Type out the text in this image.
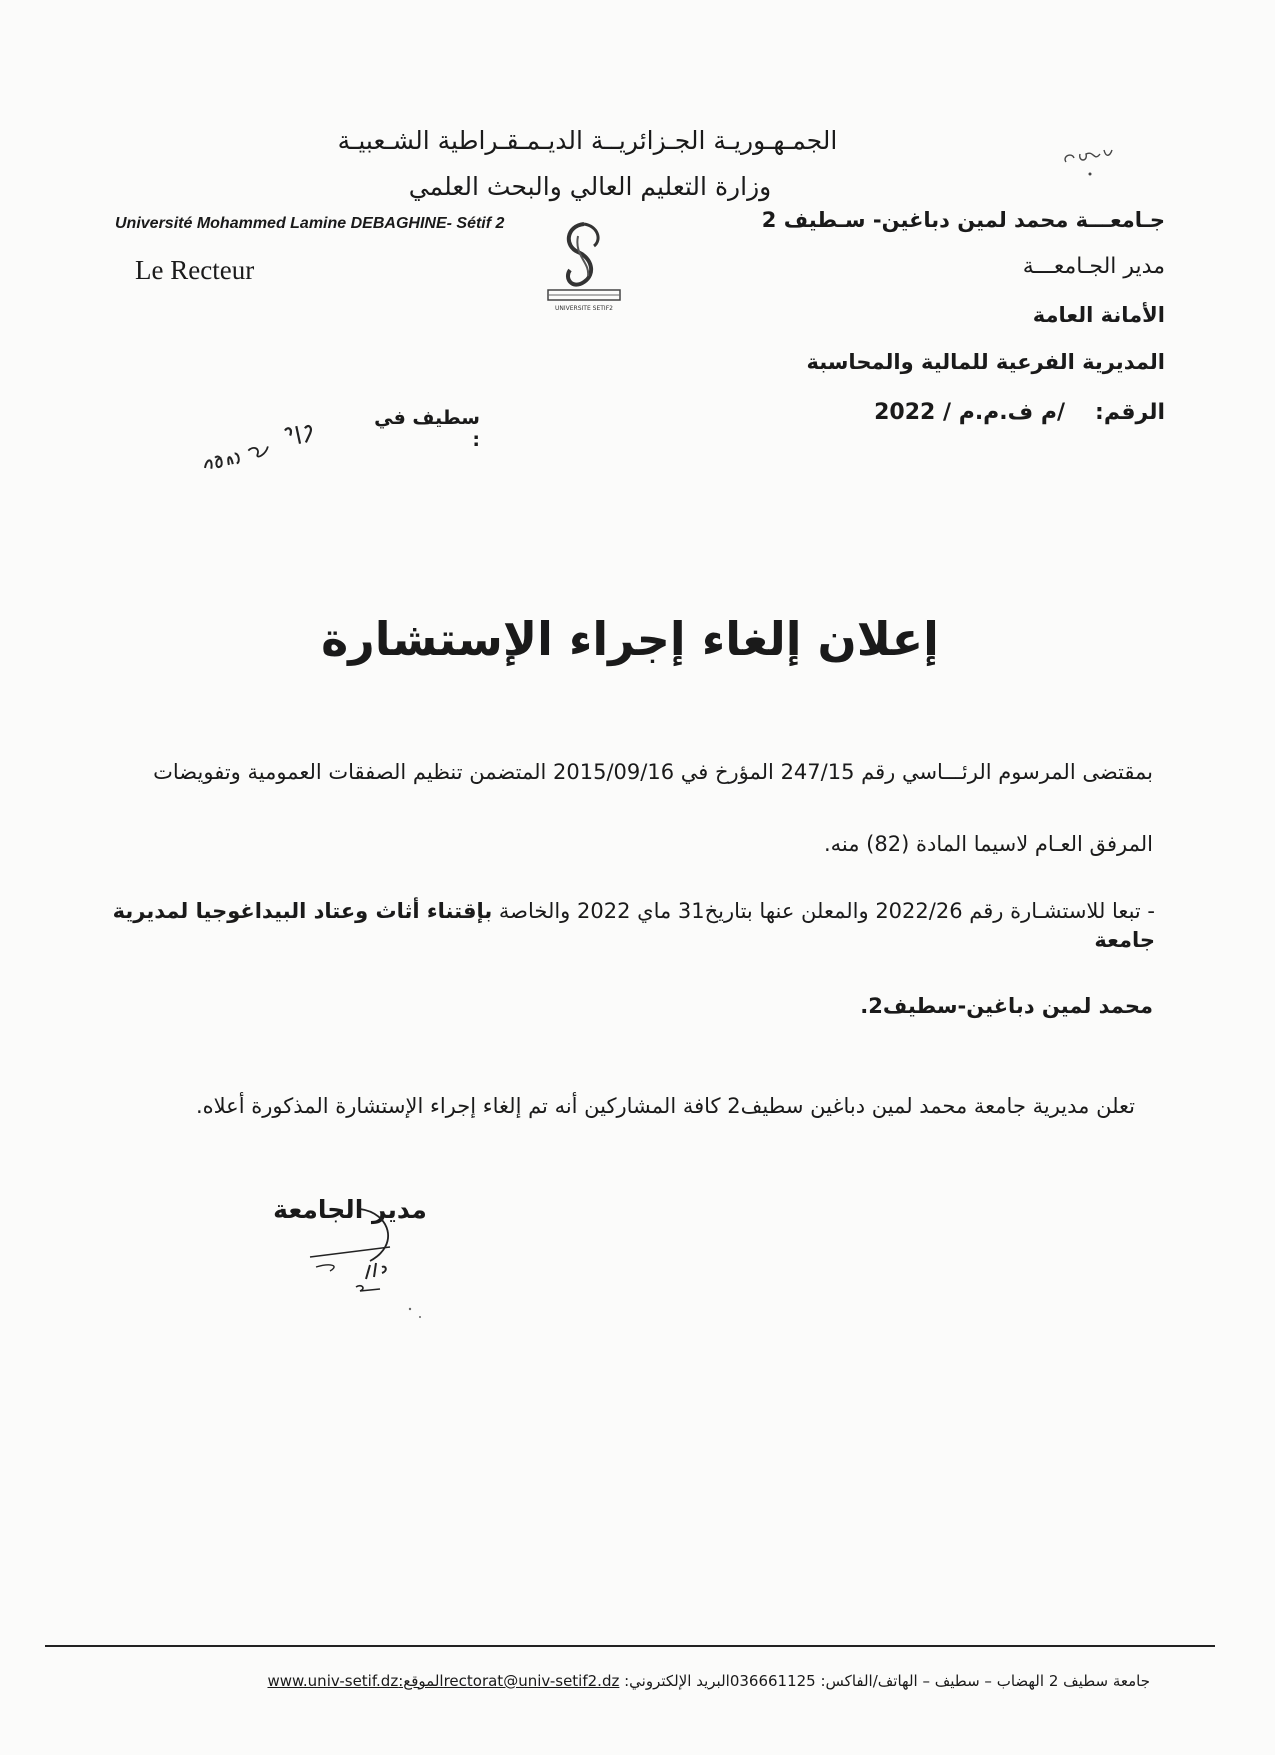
الجمـهـوريـة الجـزائريــة الديـمـقـراطية الشـعبيـة
وزارة التعليم العالي والبحث العلمي
Université Mohammed Lamine DEBAGHINE- Sétif 2
Le Recteur
جـامعـــة محمد لمين دباغين- سـطيف 2
مدير الجـامعـــة
الأمانة العامة
المديرية الفرعية للمالية والمحاسبة
الرقم:/م ف.م.م / 2022
سطيف في :
UNIVERSITE SETIF2
إعلان إلغاء إجراء الإستشارة
بمقتضى المرسوم الرئـــاسي رقم 247/15 المؤرخ في 2015/09/16 المتضمن تنظيم الصفقات العمومية وتفويضات
المرفق العـام لاسيما المادة (82) منه.
- تبعا للاستشـارة رقم 2022/26 والمعلن عنها بتاريخ31 ماي 2022 والخاصة بإقتناء أثاث وعتاد البيداغوجيا لمديرية جامعة
محمد لمين دباغين-سطيف2.
تعلن مديرية جامعة محمد لمين دباغين سطيف2 كافة المشاركين أنه تم إلغاء إجراء الإستشارة المذكورة أعلاه.
مدير الجامعة
جامعة سطيف 2 الهضاب – سطيف – الهاتف/الفاكس: 036661125البريد الإلكتروني: rectorat@univ-setif2.dzالموقع:www.univ-setif.dz
